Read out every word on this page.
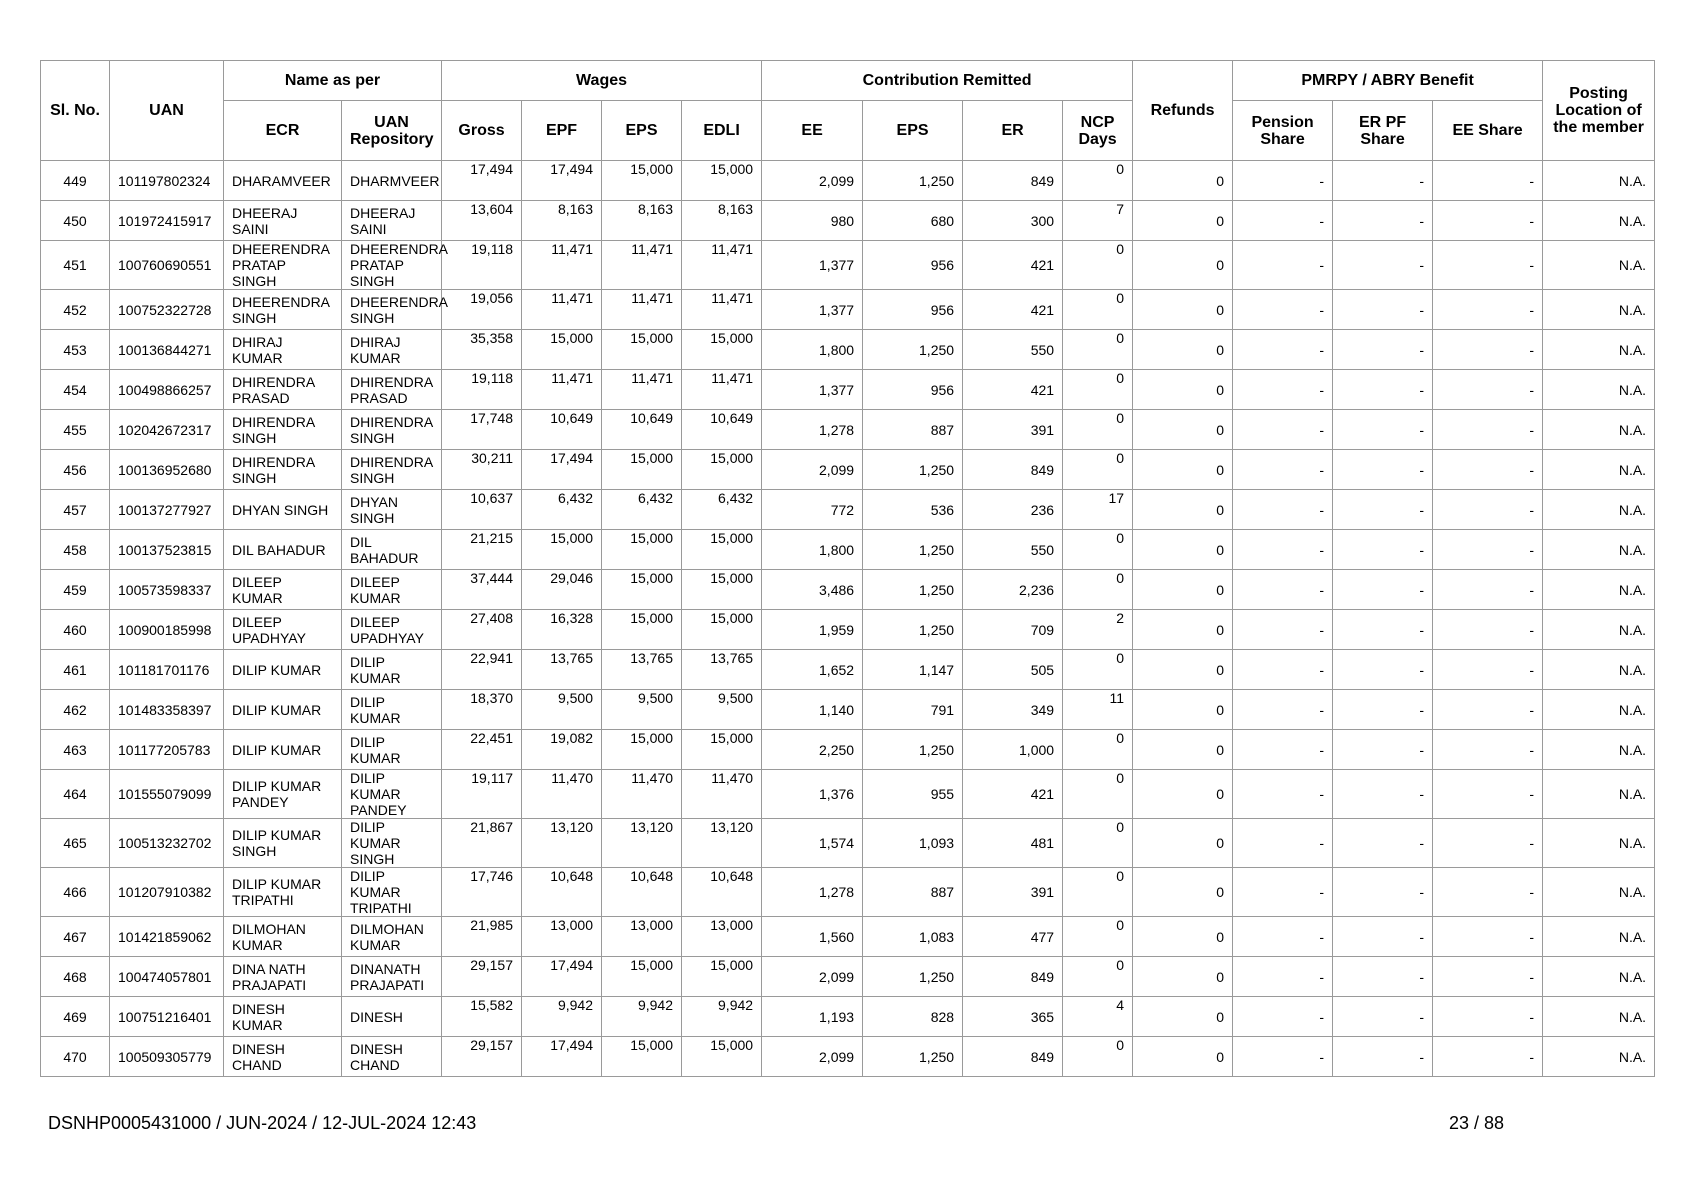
Sl. No.	UAN	Name as per		Wages				Contribution Remitted				Refunds	PMRPY / ABRY Benefit			Posting Location of the member
		ECR	UAN Repository	Gross	EPF	EPS	EDLI	EE	EPS	ER	NCP Days		Pension Share	ER PF Share	EE Share	
449	101197802324	DHARAMVEER	DHARMVEER	17,494	17,494	15,000	15,000	2,099	1,250	849	0	0	-	-	-	N.A.
450	101972415917	DHEERAJ SAINI	DHEERAJ SAINI	13,604	8,163	8,163	8,163	980	680	300	7	0	-	-	-	N.A.
451	100760690551	DHEERENDRA PRATAP SINGH	DHEERENDRA PRATAP SINGH	19,118	11,471	11,471	11,471	1,377	956	421	0	0	-	-	-	N.A.
452	100752322728	DHEERENDRA SINGH	DHEERENDRA SINGH	19,056	11,471	11,471	11,471	1,377	956	421	0	0	-	-	-	N.A.
453	100136844271	DHIRAJ KUMAR	DHIRAJ KUMAR	35,358	15,000	15,000	15,000	1,800	1,250	550	0	0	-	-	-	N.A.
454	100498866257	DHIRENDRA PRASAD	DHIRENDRA PRASAD	19,118	11,471	11,471	11,471	1,377	956	421	0	0	-	-	-	N.A.
455	102042672317	DHIRENDRA SINGH	DHIRENDRA SINGH	17,748	10,649	10,649	10,649	1,278	887	391	0	0	-	-	-	N.A.
456	100136952680	DHIRENDRA SINGH	DHIRENDRA SINGH	30,211	17,494	15,000	15,000	2,099	1,250	849	0	0	-	-	-	N.A.
457	100137277927	DHYAN SINGH	DHYAN SINGH	10,637	6,432	6,432	6,432	772	536	236	17	0	-	-	-	N.A.
458	100137523815	DIL BAHADUR	DIL BAHADUR	21,215	15,000	15,000	15,000	1,800	1,250	550	0	0	-	-	-	N.A.
459	100573598337	DILEEP KUMAR	DILEEP KUMAR	37,444	29,046	15,000	15,000	3,486	1,250	2,236	0	0	-	-	-	N.A.
460	100900185998	DILEEP UPADHYAY	DILEEP UPADHYAY	27,408	16,328	15,000	15,000	1,959	1,250	709	2	0	-	-	-	N.A.
461	101181701176	DILIP KUMAR	DILIP KUMAR	22,941	13,765	13,765	13,765	1,652	1,147	505	0	0	-	-	-	N.A.
462	101483358397	DILIP KUMAR	DILIP KUMAR	18,370	9,500	9,500	9,500	1,140	791	349	11	0	-	-	-	N.A.
463	101177205783	DILIP KUMAR	DILIP KUMAR	22,451	19,082	15,000	15,000	2,250	1,250	1,000	0	0	-	-	-	N.A.
464	101555079099	DILIP KUMAR PANDEY	DILIP KUMAR PANDEY	19,117	11,470	11,470	11,470	1,376	955	421	0	0	-	-	-	N.A.
465	100513232702	DILIP KUMAR SINGH	DILIP KUMAR SINGH	21,867	13,120	13,120	13,120	1,574	1,093	481	0	0	-	-	-	N.A.
466	101207910382	DILIP KUMAR TRIPATHI	DILIP KUMAR TRIPATHI	17,746	10,648	10,648	10,648	1,278	887	391	0	0	-	-	-	N.A.
467	101421859062	DILMOHAN KUMAR	DILMOHAN KUMAR	21,985	13,000	13,000	13,000	1,560	1,083	477	0	0	-	-	-	N.A.
468	100474057801	DINA NATH PRAJAPATI	DINANATH PRAJAPATI	29,157	17,494	15,000	15,000	2,099	1,250	849	0	0	-	-	-	N.A.
469	100751216401	DINESH KUMAR	DINESH	15,582	9,942	9,942	9,942	1,193	828	365	4	0	-	-	-	N.A.
470	100509305779	DINESH CHAND	DINESH CHAND	29,157	17,494	15,000	15,000	2,099	1,250	849	0	0	-	-	-	N.A.
DSNHP0005431000 / JUN-2024 / 12-JUL-2024 12:43	23 / 88
